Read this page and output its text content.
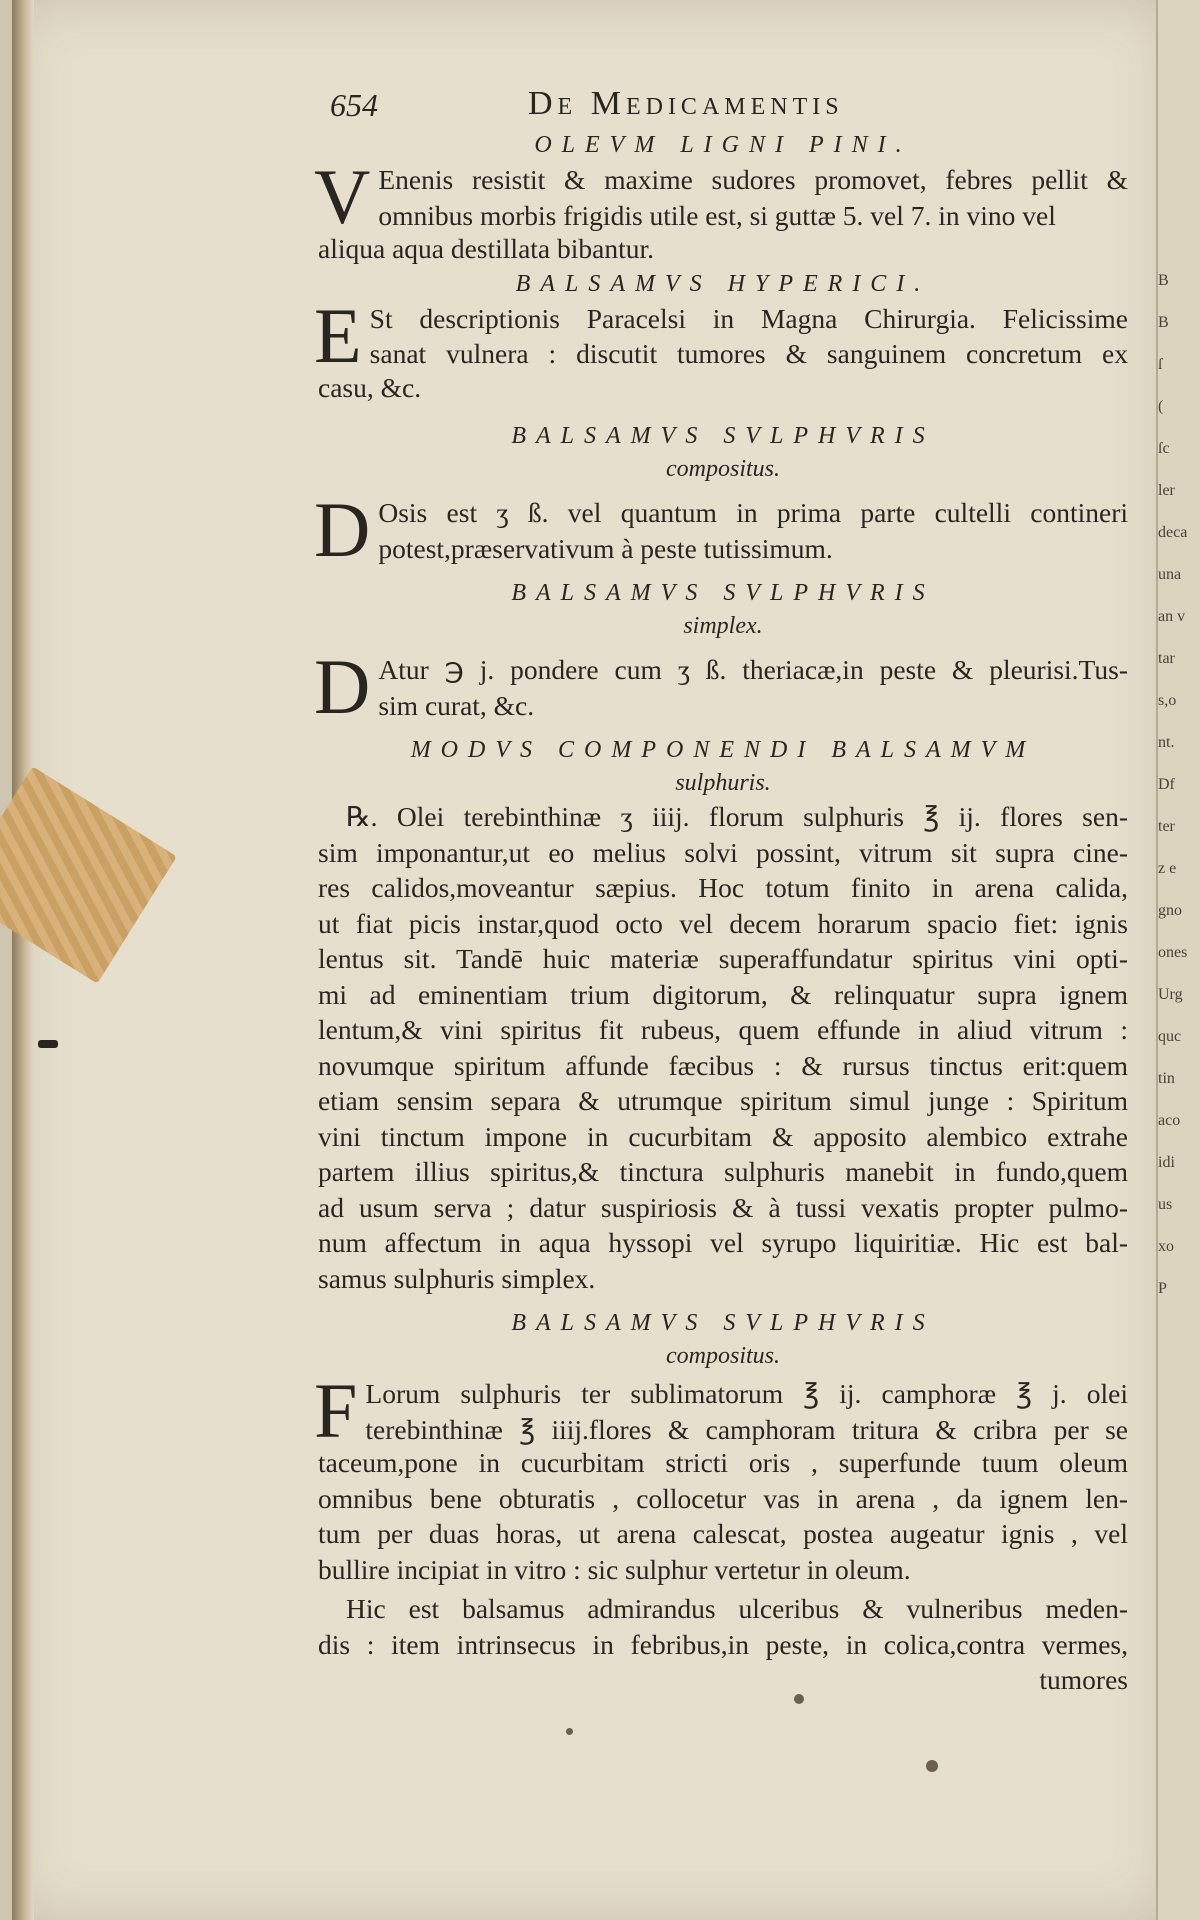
654	De Medicamentis

OLEVM LIGNI PINI.

V Enenis resistit & maxime sudores promovet, febres pellit &
omnibus morbis frigidis utile est, si guttæ 5. vel 7. in vino vel

aliqua aqua destillata bibantur.

BALSAMVS HYPERICI.

E St descriptionis Paracelsi in Magna Chirurgia. Felicissime
sanat vulnera : discutit tumores & sanguinem concretum ex

casu, &c.

BALSAMVS SVLPHVRIS

compositus.

D Osis est ʒ ß. vel quantum in prima parte cultelli contineri
potest,præservativum à peste tutissimum.

BALSAMVS SVLPHVRIS

simplex.

D Atur ℈ j. pondere cum ʒ ß. theriacæ,in peste & pleurisi.Tus-
sim curat, &c.

MODVS COMPONENDI BALSAMVM

sulphuris.

℞. Olei terebinthinæ ʒ iiij. florum sulphuris ℥ ij. flores sen-
sim imponantur,ut eo melius solvi possint, vitrum sit supra cine-
res calidos,moveantur sæpius. Hoc totum finito in arena calida,
ut fiat picis instar,quod octo vel decem horarum spacio fiet: ignis
lentus sit. Tandē huic materiæ superaffundatur spiritus vini opti-
mi ad eminentiam trium digitorum, & relinquatur supra ignem
lentum,& vini spiritus fit rubeus, quem effunde in aliud vitrum :
novumque spiritum affunde fæcibus : & rursus tinctus erit:quem
etiam sensim separa & utrumque spiritum simul junge : Spiritum
vini tinctum impone in cucurbitam & apposito alembico extrahe
partem illius spiritus,& tinctura sulphuris manebit in fundo,quem
ad usum serva ; datur suspiriosis & à tussi vexatis propter pulmo-
num affectum in aqua hyssopi vel syrupo liquiritiæ. Hic est bal-
samus sulphuris simplex.

BALSAMVS SVLPHVRIS

compositus.

F Lorum sulphuris ter sublimatorum ℥ ij. camphoræ ℥ j. olei
terebinthinæ ℥ iiij.flores & camphoram tritura & cribra per se

taceum,pone in cucurbitam stricti oris , superfunde tuum oleum
omnibus bene obturatis , collocetur vas in arena , da ignem len-
tum per duas horas, ut arena calescat, postea augeatur ignis , vel
bullire incipiat in vitro : sic sulphur vertetur in oleum.

Hic est balsamus admirandus ulceribus & vulneribus meden-
dis : item intrinsecus in febribus,in peste, in colica,contra vermes,
tumores

B
B
ſ
(
ſc
ler
deca
una
an v
tar
s,o
nt.
Df
ter
z e
gno
ones
Urg
quc
tin
aco
idi
us
xo
P
